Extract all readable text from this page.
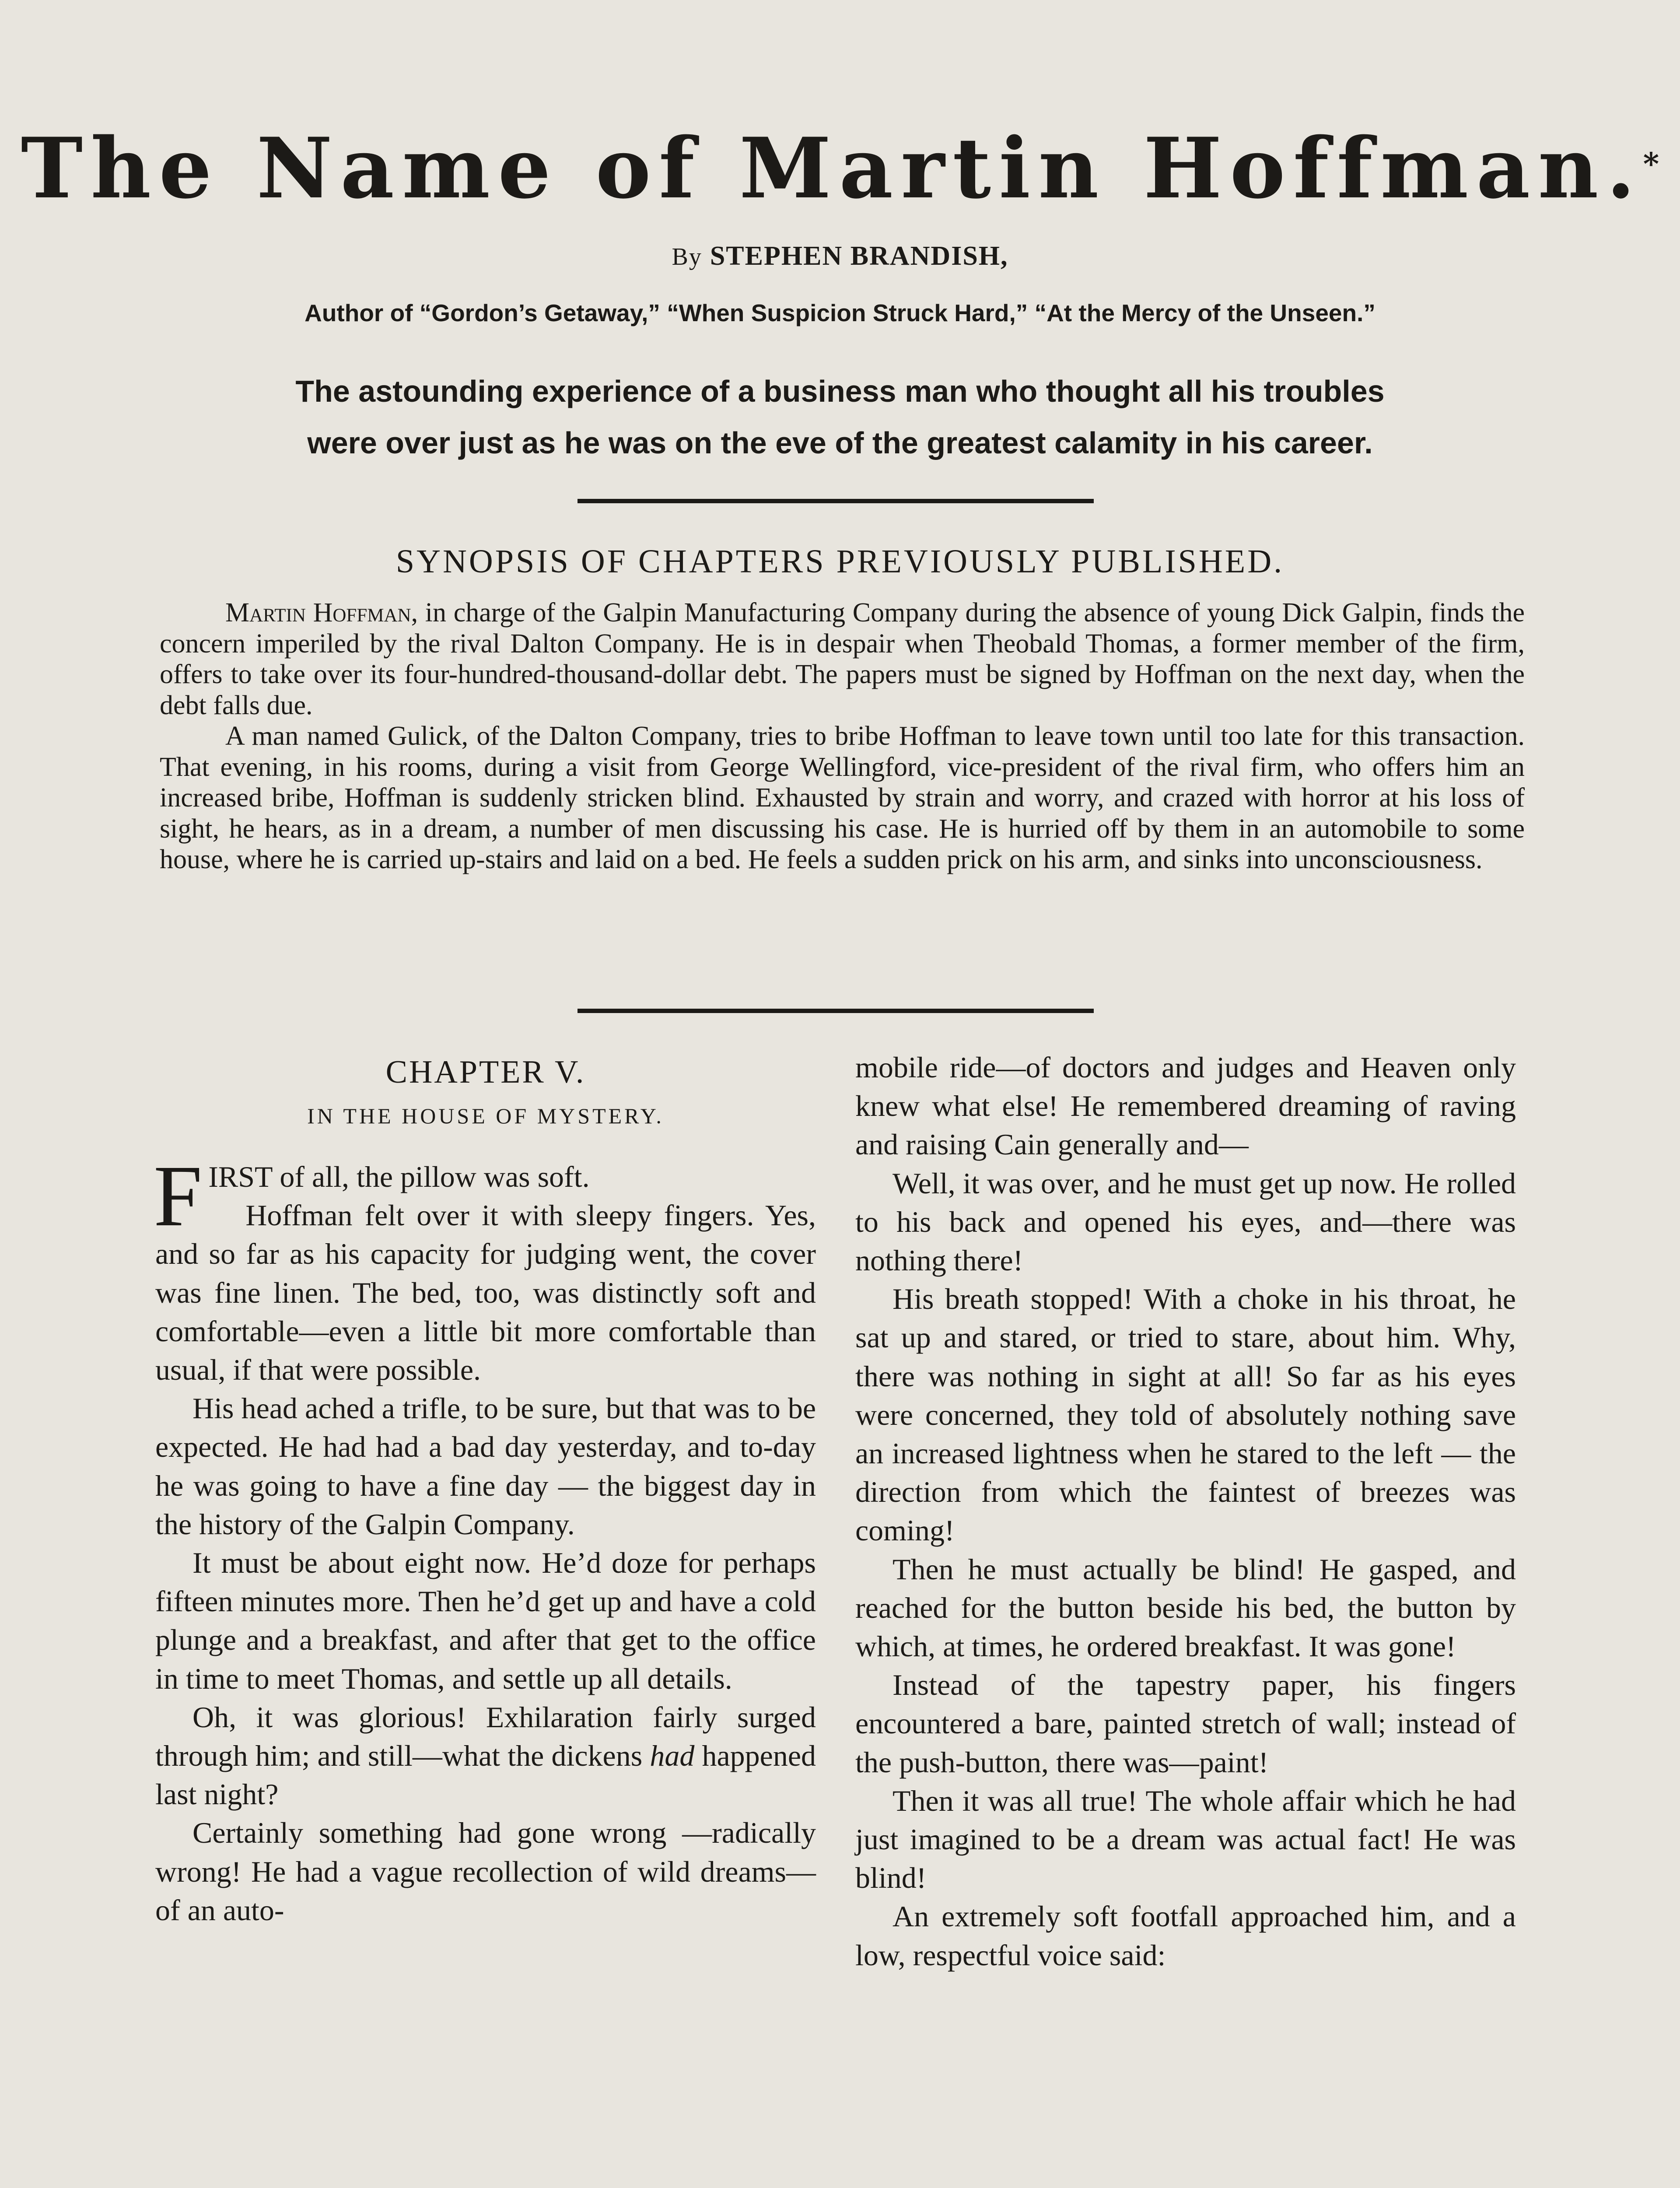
The Name of Martin Hoffman.*
By STEPHEN BRANDISH,
Author of “Gordon’s Getaway,” “When Suspicion Struck Hard,” “At the Mercy of the Unseen.”
The astounding experience of a business man who thought all his troubles
were over just as he was on the eve of the greatest calamity in his career.
SYNOPSIS OF CHAPTERS PREVIOUSLY PUBLISHED.

Martin Hoffman, in charge of the Galpin Manufacturing Company during the absence of young Dick Galpin, finds the concern imperiled by the rival Dalton Company. He is in despair when Theobald Thomas, a former member of the firm, offers to take over its four-hundred-thousand-dollar debt. The papers must be signed by Hoffman on the next day, when the debt falls due.

A man named Gulick, of the Dalton Company, tries to bribe Hoffman to leave town until too late for this transaction. That evening, in his rooms, during a visit from George Wellingford, vice-president of the rival firm, who offers him an increased bribe, Hoffman is suddenly stricken blind. Exhausted by strain and worry, and crazed with horror at his loss of sight, he hears, as in a dream, a number of men discussing his case. He is hurried off by them in an automobile to some house, where he is carried up-stairs and laid on a bed. He feels a sudden prick on his arm, and sinks into unconsciousness.

CHAPTER V.
IN THE HOUSE OF MYSTERY.

FIRST of all, the pillow was soft.

Hoffman felt over it with sleepy fingers. Yes, and so far as his capacity for judging went, the cover was fine linen. The bed, too, was distinctly soft and comfortable—even a little bit more comfortable than usual, if that were possible.

His head ached a trifle, to be sure, but that was to be expected. He had had a bad day yesterday, and to-day he was going to have a fine day — the biggest day in the history of the Galpin Company.

It must be about eight now. He’d doze for perhaps fifteen minutes more. Then he’d get up and have a cold plunge and a breakfast, and after that get to the office in time to meet Thomas, and settle up all details.

Oh, it was glorious! Exhilaration fairly surged through him; and still—what the dickens had happened last night?

Certainly something had gone wrong —radically wrong! He had a vague recollection of wild dreams—of an auto-

mobile ride—of doctors and judges and Heaven only knew what else! He remembered dreaming of raving and raising Cain generally and—

Well, it was over, and he must get up now. He rolled to his back and opened his eyes, and—there was nothing there!

His breath stopped! With a choke in his throat, he sat up and stared, or tried to stare, about him. Why, there was nothing in sight at all! So far as his eyes were concerned, they told of absolutely nothing save an increased lightness when he stared to the left — the direction from which the faintest of breezes was coming!

Then he must actually be blind! He gasped, and reached for the button beside his bed, the button by which, at times, he ordered breakfast. It was gone!

Instead of the tapestry paper, his fingers encountered a bare, painted stretch of wall; instead of the push-button, there was—paint!

Then it was all true! The whole affair which he had just imagined to be a dream was actual fact! He was blind!

An extremely soft footfall approached him, and a low, respectful voice said:
